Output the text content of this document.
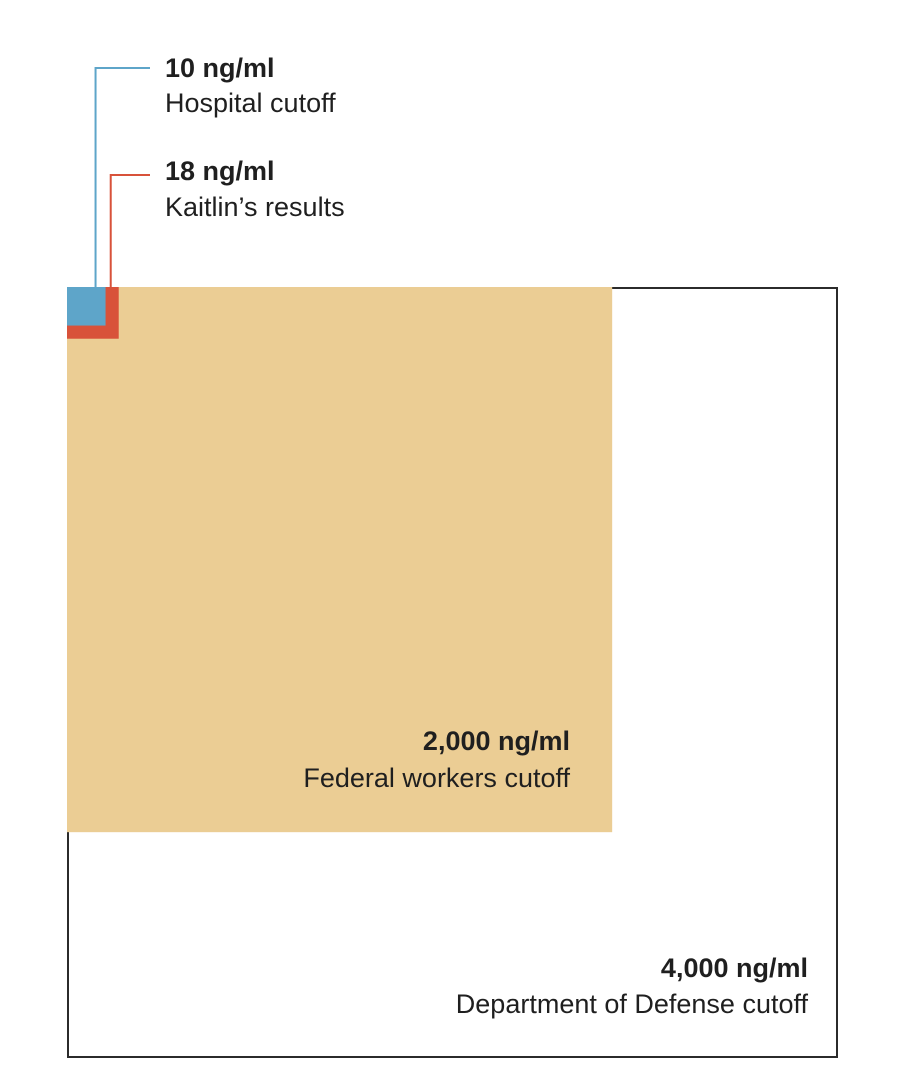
4,000 ng/ml
Department of Defense cutoff
2,000 ng/ml
Federal workers cutoff
18 ng/ml
Kaitlin’s results
10 ng/ml
Hospital cutoff
